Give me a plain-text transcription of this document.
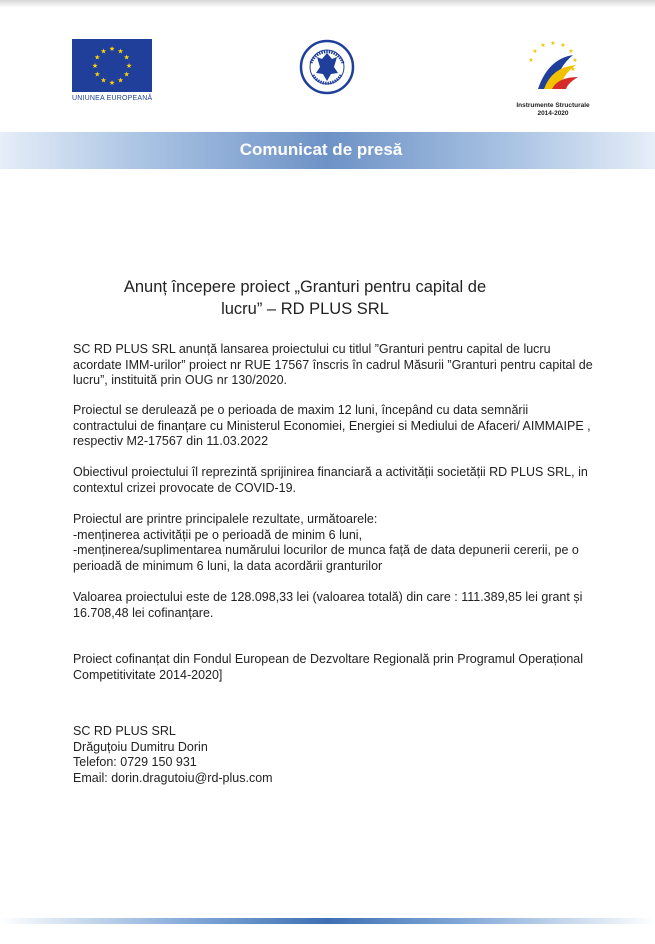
★ ★
★
★
★
★
★
★
★
★
★
★
UNIUNEA EUROPEANĂ
★ ★
★
★
★
★
★
★
Instrumente Structurale
2014-2020
Comunicat de presă
Anunț începere proiect „Granturi pentru capital de
lucru” – RD PLUS SRL

SC RD PLUS SRL anunță lansarea proiectului cu titlul ”Granturi pentru capital de lucru acordate IMM-urilor” proiect nr RUE 17567 înscris în cadrul Măsurii ”Granturi pentru capital de lucru”, instituită prin OUG nr 130/2020.

Proiectul se derulează pe o perioada de maxim 12 luni, începând cu data semnării contractului de finanțare cu Ministerul Economiei, Energiei si Mediului de Afaceri/ AIMMAIPE , respectiv M2-17567 din 11.03.2022

Obiectivul proiectului îl reprezintă sprijinirea financiară a activității societății RD PLUS SRL, in contextul crizei provocate de COVID-19.

Proiectul are printre principalele rezultate, următoarele:
-menținerea activității pe o perioadă de minim 6 luni,
-menținerea/suplimentarea numărului locurilor de munca față de data depunerii cererii, pe o perioadă de minimum 6 luni, la data acordării granturilor

Valoarea proiectului este de 128.098,33 lei (valoarea totală) din care : 111.389,85 lei grant și 16.708,48 lei cofinanțare.

Proiect cofinanțat din Fondul European de Dezvoltare Regională prin Programul Operațional Competitivitate 2014-2020]

SC RD PLUS SRL
Drăguțoiu Dumitru Dorin
Telefon: 0729 150 931
Email: dorin.dragutoiu@rd-plus.com
